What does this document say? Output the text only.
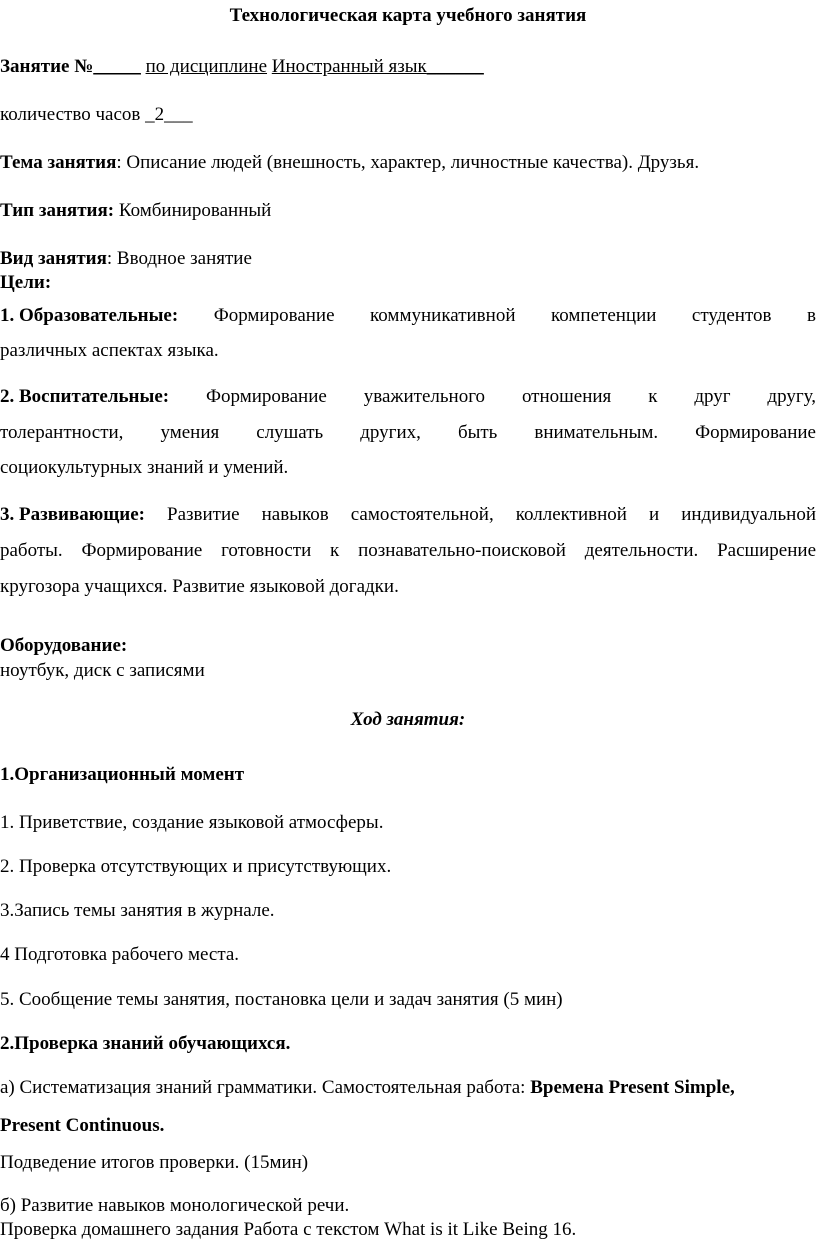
Технологическая карта учебного занятия
Занятие №_____ по дисциплине Иностранный язык______
количество часов _2___
Тема занятия: Описание людей (внешность, характер, личностные качества). Друзья.
Тип занятия: Комбинированный
Вид занятия: Вводное занятие
Цели:
1. Образовательные: Формирование коммуникативной компетенции студентов в
различных аспектах языка.
2. Воспитательные: Формирование уважительного отношения к друг другу,
толерантности, умения слушать других, быть внимательным. Формирование
социокультурных знаний и умений.
3. Развивающие: Развитие навыков самостоятельной, коллективной и индивидуальной
работы. Формирование готовности к познавательно-поисковой деятельности. Расширение
кругозора учащихся. Развитие языковой догадки.
Оборудование:
ноутбук, диск с записями
Ход занятия:
1.Организационный момент
1. Приветствие, создание языковой атмосферы.
2. Проверка отсутствующих и присутствующих.
3.Запись темы занятия в журнале.
4 Подготовка рабочего места.
5. Сообщение темы занятия, постановка цели и задач занятия (5 мин)
2.Проверка знаний обучающихся.
а) Систематизация знаний грамматики. Самостоятельная работа: Времена Present Simple,
Present Continuous.
Подведение итогов проверки. (15мин)
б) Развитие навыков монологической речи.
Проверка домашнего задания Работа с текстом What is it Like Being 16.
